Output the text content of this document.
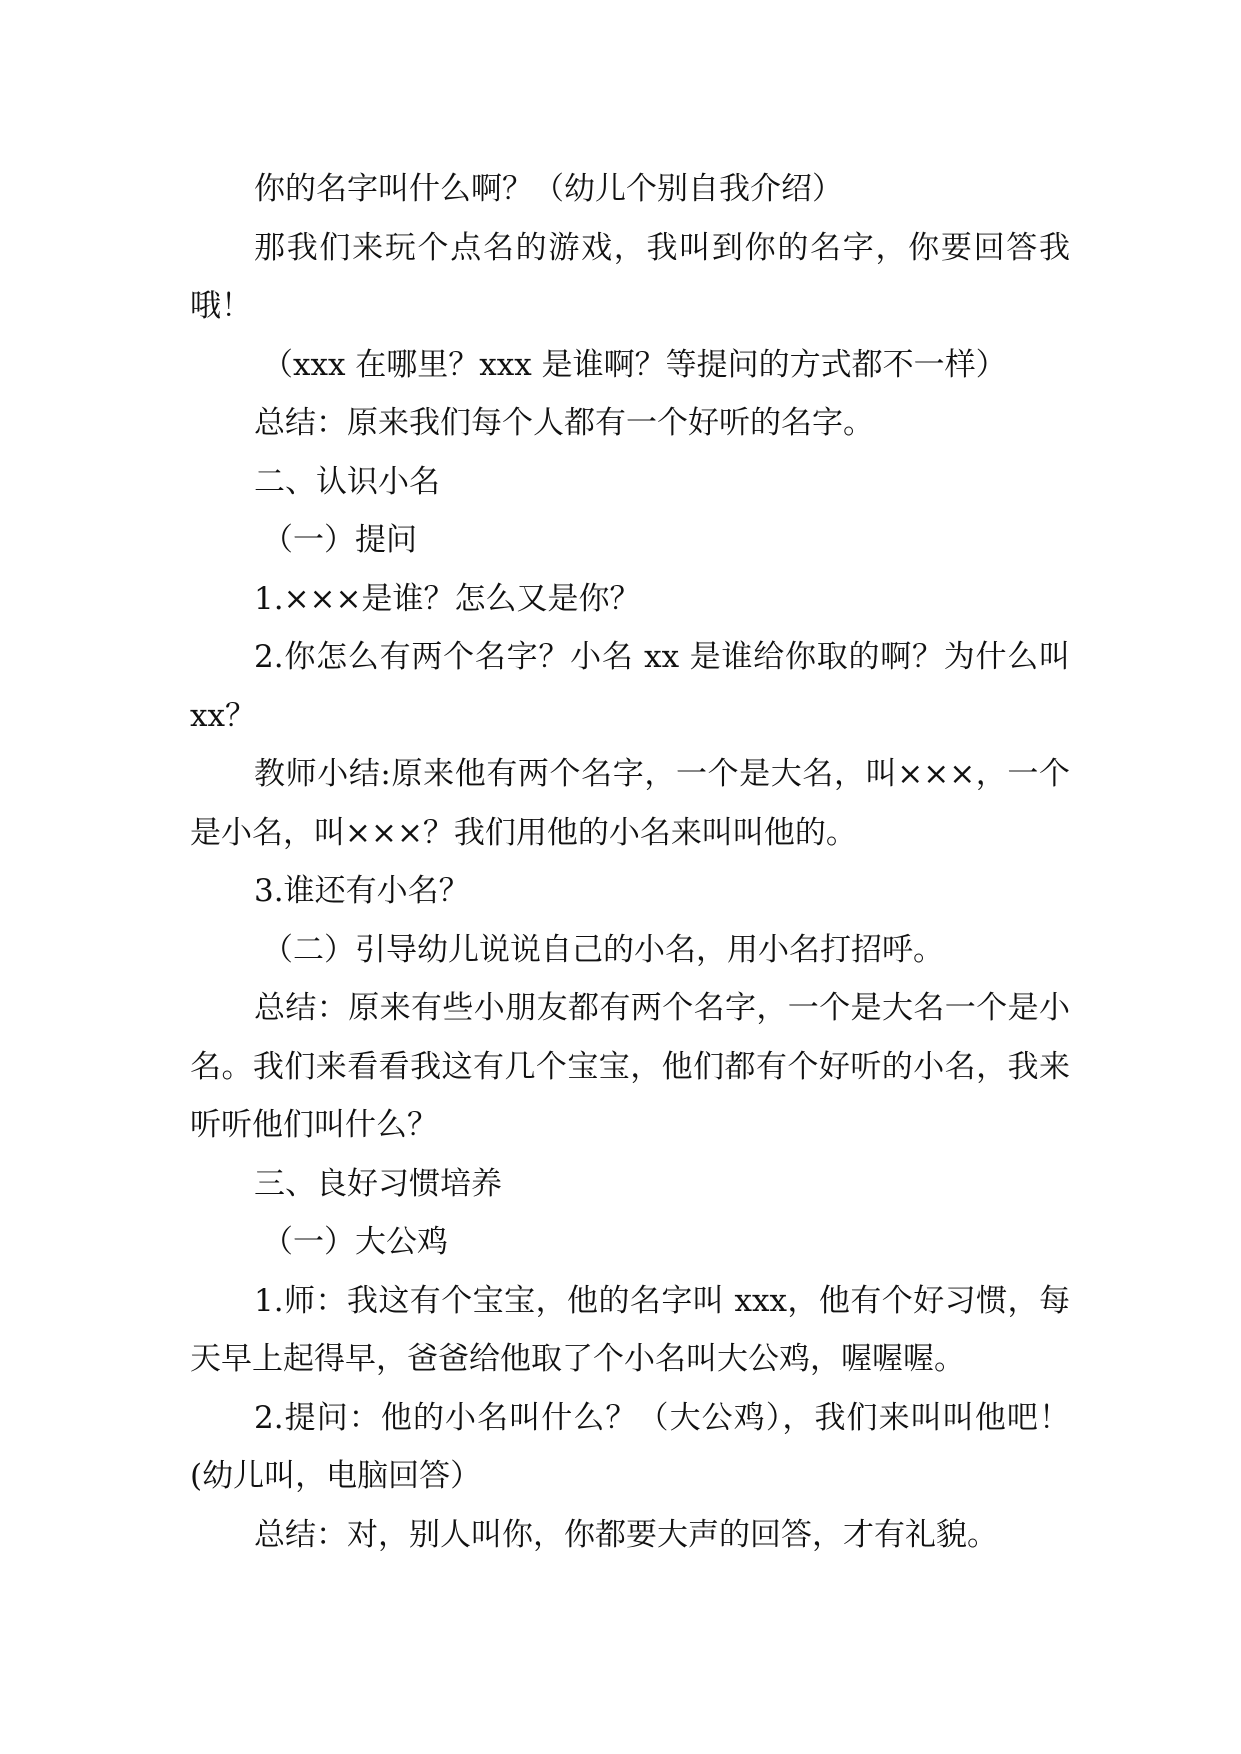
你的名字叫什么啊？（幼儿个别自我介绍）

那我们来玩个点名的游戏，我叫到你的名字，你要回答我哦！

（xxx 在哪里？xxx 是谁啊？等提问的方式都不一样）

总结：原来我们每个人都有一个好听的名字。

二、认识小名

（一）提问

1.×××是谁？怎么又是你？

2.你怎么有两个名字？小名 xx 是谁给你取的啊？为什么叫 xx？

教师小结:原来他有两个名字，一个是大名，叫×××，一个是小名，叫×××？我们用他的小名来叫叫他的。

3.谁还有小名？

（二）引导幼儿说说自己的小名，用小名打招呼。

总结：原来有些小朋友都有两个名字，一个是大名一个是小名。我们来看看我这有几个宝宝，他们都有个好听的小名，我来听听他们叫什么？

三、良好习惯培养

（一）大公鸡

1.师：我这有个宝宝，他的名字叫 xxx，他有个好习惯，每天早上起得早，爸爸给他取了个小名叫大公鸡，喔喔喔。

2.提问：他的小名叫什么？（大公鸡），我们来叫叫他吧！(幼儿叫，电脑回答）

总结：对，别人叫你，你都要大声的回答，才有礼貌。
